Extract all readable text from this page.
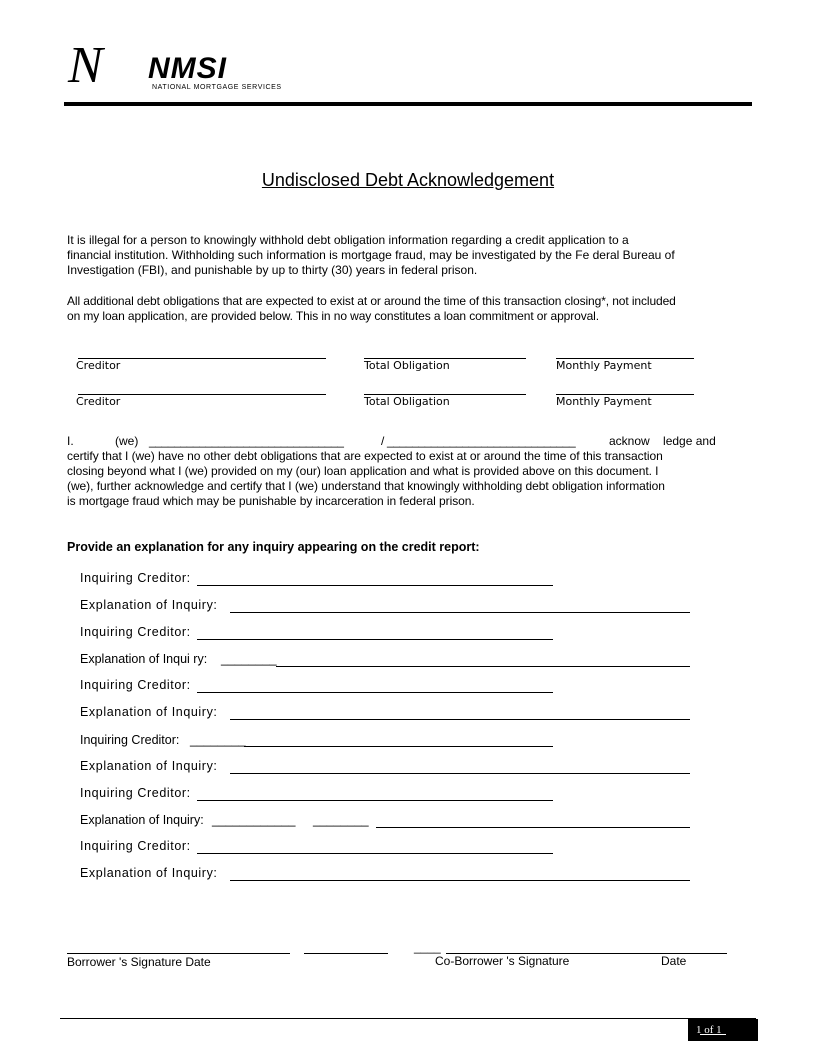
N NMSI
NATIONAL MORTGAGE SERVICES
Undisclosed Debt Acknowledgement
It is illegal for a person to knowingly withhold debt obligation information regarding a credit application to a
financial institution. Withholding such information is mortgage fraud, may be investigated by the Fe deral Bureau of
Investigation (FBI), and punishable by up to thirty (30) years in federal prison.
All additional debt obligations that are expected to exist at or around the time of this transaction closing*, not included
on my loan application, are provided below. This in no way constitutes a loan commitment or approval.
Creditor	Total Obligation	Monthly Payment
Creditor	Total Obligation	Monthly Payment
I.	(we) _______________________________	/ ______________________________	acknow    ledge and
certify that I (we) have no other debt obligations that are expected to exist at or around the time of this transaction
closing beyond what I (we) provided on my (our) loan application and what is provided above on this document. I
(we), further acknowledge and certify that I (we) understand that knowingly withholding debt obligation information
is mortgage fraud which may be punishable by incarceration in federal prison.
Provide an explanation for any inquiry appearing on the credit report:
Inquiring Creditor:
Explanation of Inquiry:
Inquiring Creditor:
Explanation of Inqui ry: ________
Inquiring Creditor:
Explanation of Inquiry:
Inquiring Creditor: ________
Explanation of Inquiry:
Inquiring Creditor:
Explanation of Inquiry: ____________ ________
Inquiring Creditor:
Explanation of Inquiry:
____
Borrower 's Signature Date	Co-Borrower 's Signature	Date
1 of 1
